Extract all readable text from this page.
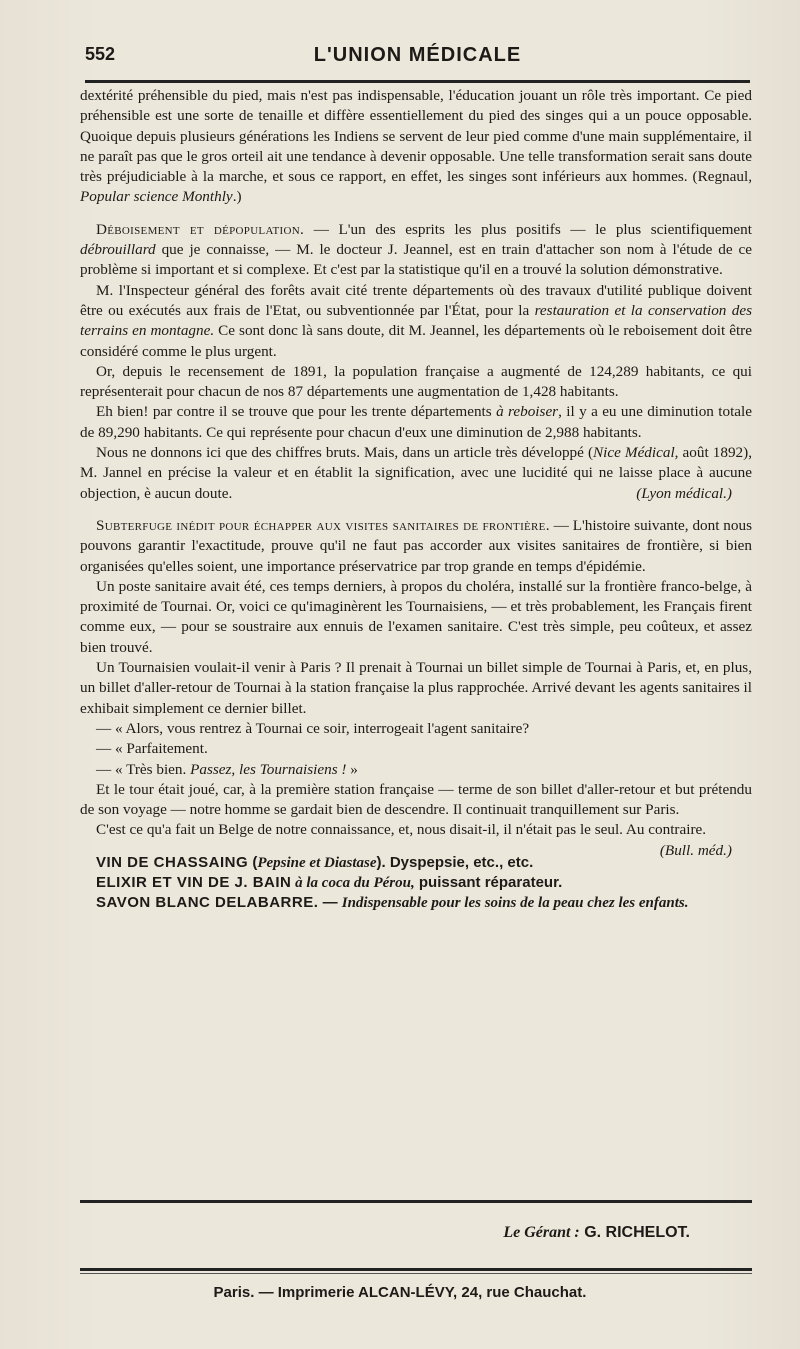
552	L'UNION MÉDICALE

dextérité préhensible du pied, mais n'est pas indispensable, l'éducation jouant un rôle très important. Ce pied préhensible est une sorte de tenaille et diffère essentiellement du pied des singes qui a un pouce opposable. Quoique depuis plusieurs générations les Indiens se servent de leur pied comme d'une main supplémentaire, il ne paraît pas que le gros orteil ait une tendance à devenir opposable. Une telle transformation serait sans doute très préjudiciable à la marche, et sous ce rapport, en effet, les singes sont inférieurs aux hommes. (Regnaul, Popular science Monthly.)

Déboisement et dépopulation. — L'un des esprits les plus positifs — le plus scientifiquement débrouillard que je connaisse, — M. le docteur J. Jeannel, est en train d'attacher son nom à l'étude de ce problème si important et si complexe. Et c'est par la statistique qu'il en a trouvé la solution démonstrative.

M. l'Inspecteur général des forêts avait cité trente départements où des travaux d'utilité publique doivent être ou exécutés aux frais de l'Etat, ou subventionnée par l'État, pour la restauration et la conservation des terrains en montagne. Ce sont donc là sans doute, dit M. Jeannel, les départements où le reboisement doit être considéré comme le plus urgent.

Or, depuis le recensement de 1891, la population française a augmenté de 124,289 habitants, ce qui représenterait pour chacun de nos 87 départements une augmentation de 1,428 habitants.

Eh bien! par contre il se trouve que pour les trente départements à reboiser, il y a eu une diminution totale de 89,290 habitants. Ce qui représente pour chacun d'eux une diminution de 2,988 habitants.

Nous ne donnons ici que des chiffres bruts. Mais, dans un article très développé (Nice Médical, août 1892), M. Jannel en précise la valeur et en établit la signification, avec une lucidité qui ne laisse place à aucune objection, è aucun doute.	(Lyon médical.)

Subterfuge inédit pour échapper aux visites sanitaires de frontière. — L'histoire suivante, dont nous pouvons garantir l'exactitude, prouve qu'il ne faut pas accorder aux visites sanitaires de frontière, si bien organisées qu'elles soient, une importance préservatrice par trop grande en temps d'épidémie.

Un poste sanitaire avait été, ces temps derniers, à propos du choléra, installé sur la frontière franco-belge, à proximité de Tournai. Or, voici ce qu'imaginèrent les Tournaisiens, — et très probablement, les Français firent comme eux, — pour se soustraire aux ennuis de l'examen sanitaire. C'est très simple, peu coûteux, et assez bien trouvé.

Un Tournaisien voulait-il venir à Paris ? Il prenait à Tournai un billet simple de Tournai à Paris, et, en plus, un billet d'aller-retour de Tournai à la station française la plus rapprochée. Arrivé devant les agents sanitaires il exhibait simplement ce dernier billet.

— « Alors, vous rentrez à Tournai ce soir, interrogeait l'agent sanitaire?

— « Parfaitement.

— « Très bien. Passez, les Tournaisiens ! »

Et le tour était joué, car, à la première station française — terme de son billet d'aller-retour et but prétendu de son voyage — notre homme se gardait bien de descendre. Il continuait tranquillement sur Paris.

C'est ce qu'a fait un Belge de notre connaissance, et, nous disait-il, il n'était pas le seul. Au contraire.
(Bull. méd.)

VIN DE CHASSAING (Pepsine et Diastase). Dyspepsie, etc., etc.

ELIXIR ET VIN DE J. BAIN à la coca du Pérou, puissant réparateur.

SAVON BLANC DELABARRE. — Indispensable pour les soins de la peau chez les enfants.

Le Gérant : G. RICHELOT.
Paris. — Imprimerie ALCAN-LÉVY, 24, rue Chauchat.
